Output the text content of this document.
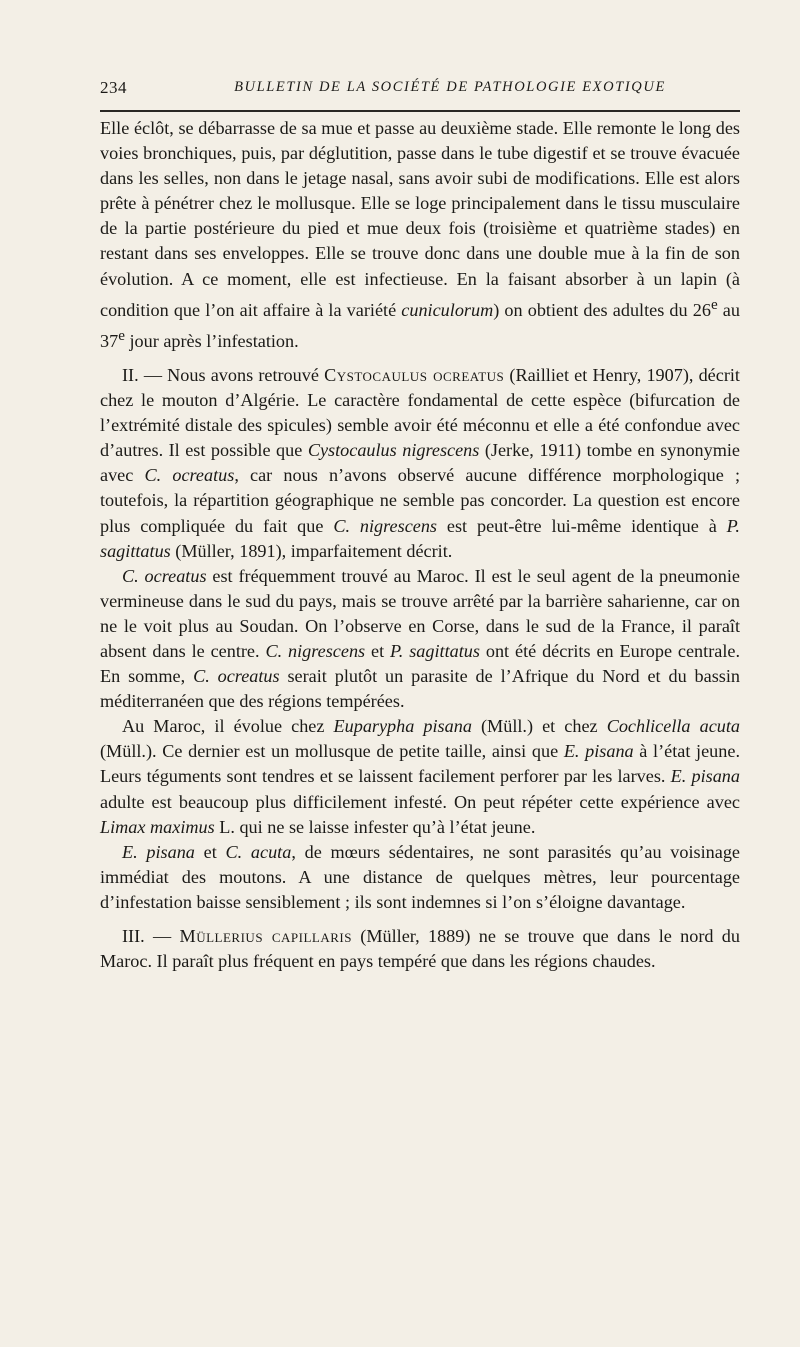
234	BULLETIN DE LA SOCIÉTÉ DE PATHOLOGIE EXOTIQUE

Elle éclôt, se débarrasse de sa mue et passe au deuxième stade. Elle remonte le long des voies bronchiques, puis, par déglutition, passe dans le tube digestif et se trouve évacuée dans les selles, non dans le jetage nasal, sans avoir subi de modifications. Elle est alors prête à pénétrer chez le mollusque. Elle se loge principalement dans le tissu musculaire de la partie postérieure du pied et mue deux fois (troisième et quatrième stades) en restant dans ses enveloppes. Elle se trouve donc dans une double mue à la fin de son évolution. A ce moment, elle est infectieuse. En la faisant absorber à un lapin (à condition que l’on ait affaire à la variété cuniculorum) on obtient des adultes du 26e au 37e jour après l’infestation.

II. — Nous avons retrouvé Cystocaulus ocreatus (Railliet et Henry, 1907), décrit chez le mouton d’Algérie. Le caractère fondamental de cette espèce (bifurcation de l’extrémité distale des spicules) semble avoir été méconnu et elle a été confondue avec d’autres. Il est possible que Cystocaulus nigrescens (Jerke, 1911) tombe en synonymie avec C. ocreatus, car nous n’avons observé aucune différence morphologique ; toutefois, la répartition géographique ne semble pas concorder. La question est encore plus compliquée du fait que C. nigrescens est peut-être lui-même identique à P. sagittatus (Müller, 1891), imparfaitement décrit.

C. ocreatus est fréquemment trouvé au Maroc. Il est le seul agent de la pneumonie vermineuse dans le sud du pays, mais se trouve arrêté par la barrière saharienne, car on ne le voit plus au Soudan. On l’observe en Corse, dans le sud de la France, il paraît absent dans le centre. C. nigrescens et P. sagittatus ont été décrits en Europe centrale. En somme, C. ocreatus serait plutôt un parasite de l’Afrique du Nord et du bassin méditerranéen que des régions tempérées.

Au Maroc, il évolue chez Euparypha pisana (Müll.) et chez Cochlicella acuta (Müll.). Ce dernier est un mollusque de petite taille, ainsi que E. pisana à l’état jeune. Leurs téguments sont tendres et se laissent facilement perforer par les larves. E. pisana adulte est beaucoup plus difficilement infesté. On peut répéter cette expérience avec Limax maximus L. qui ne se laisse infester qu’à l’état jeune.

E. pisana et C. acuta, de mœurs sédentaires, ne sont parasités qu’au voisinage immédiat des moutons. A une distance de quelques mètres, leur pourcentage d’infestation baisse sensiblement ; ils sont indemnes si l’on s’éloigne davantage.

III. — Müllerius capillaris (Müller, 1889) ne se trouve que dans le nord du Maroc. Il paraît plus fréquent en pays tempéré que dans les régions chaudes.
